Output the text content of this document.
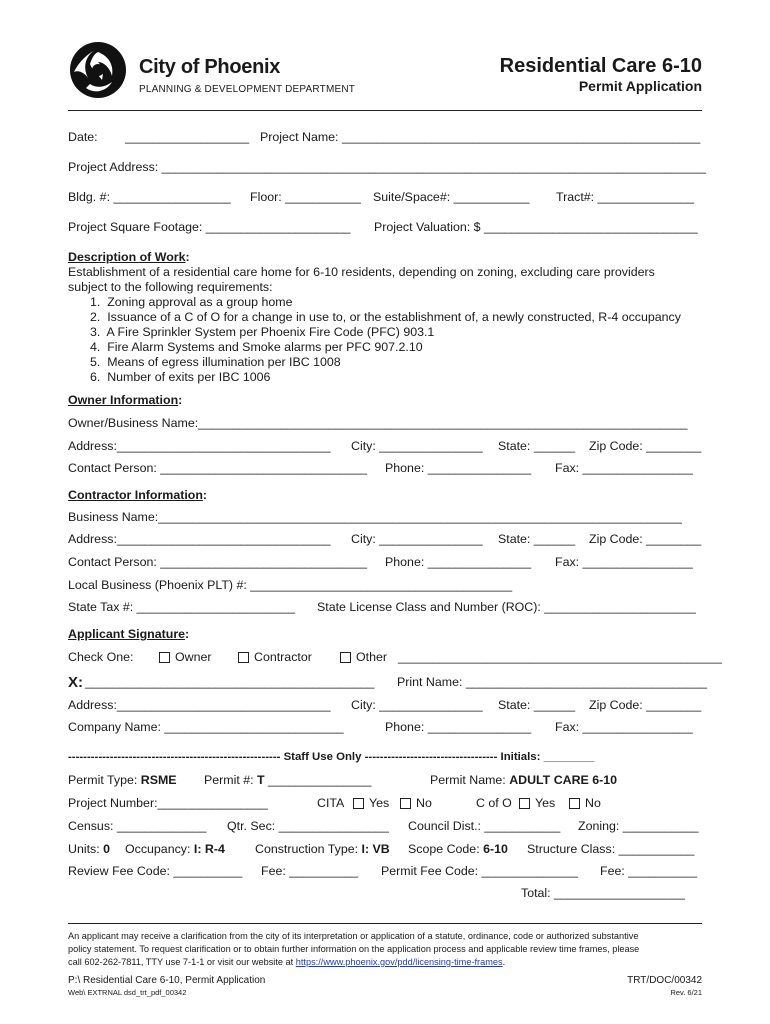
City of Phoenix
PLANNING & DEVELOPMENT DEPARTMENT
Residential Care 6-10
Permit Application
Date:        __________________ Project Name: ____________________________________________________
Project Address: _______________________________________________________________________________
Bldg. #: _________________ Floor: ___________ Suite/Space#: ___________ Tract#: ______________
Project Square Footage: _____________________ Project Valuation: $ _______________________________
Description of Work:
Establishment of a residential care home for 6-10 residents, depending on zoning, excluding care providers
subject to the following requirements:
1.  Zoning approval as a group home
2.  Issuance of a C of O for a change in use to, or the establishment of, a newly constructed, R-4 occupancy
3.  A Fire Sprinkler System per Phoenix Fire Code (PFC) 903.1
4.  Fire Alarm Systems and Smoke alarms per PFC 907.2.10
5.  Means of egress illumination per IBC 1008
6.  Number of exits per IBC 1006
Owner Information:
Owner/Business Name:_______________________________________________________________________
Address:_______________________________ City: _______________ State: ______ Zip Code: ________
Contact Person: ______________________________ Phone: _______________ Fax: ________________
Contractor Information:
Business Name:____________________________________________________________________________
Address:_______________________________ City: _______________ State: ______ Zip Code: ________
Contact Person: ______________________________ Phone: _______________ Fax: ________________
Local Business (Phoenix PLT) #: ______________________________________
State Tax #: _______________________ State License Class and Number (ROC): ______________________
Applicant Signature:
Check One:	Owner	Contractor	Other _______________________________________________
X: __________________________________________ Print Name: ___________________________________
Address:_______________________________ City: _______________ State: ______ Zip Code: ________
Company Name: __________________________	Phone: _______________ Fax: ________________
-------------------------------------------------------- Staff Use Only ----------------------------------- Initials: ________
Permit Type: RSME Permit #: T _______________	Permit Name: ADULT CARE 6-10
Project Number:________________	CITA	Yes	No	C of O	Yes	No
Census: _____________ Qtr. Sec: ________________ Council Dist.: ___________ Zoning: ___________
Units: 0 Occupancy: I: R-4 Construction Type: I: VB Scope Code: 6-10 Structure Class: ___________
Review Fee Code: __________ Fee: __________ Permit Fee Code: ______________ Fee: __________
Total: ___________________
An applicant may receive a clarification from the city of its interpretation or application of a statute, ordinance, code or authorized substantive
policy statement. To request clarification or to obtain further information on the application process and applicable review time frames, please
call 602-262-7811, TTY use 7-1-1 or visit our website at https://www.phoenix.gov/pdd/licensing-time-frames.
P:\ Residential Care 6-10, Permit Application
Web\ EXTRNAL dsd_trt_pdf_00342
TRT/DOC/00342
Rev. 6/21
